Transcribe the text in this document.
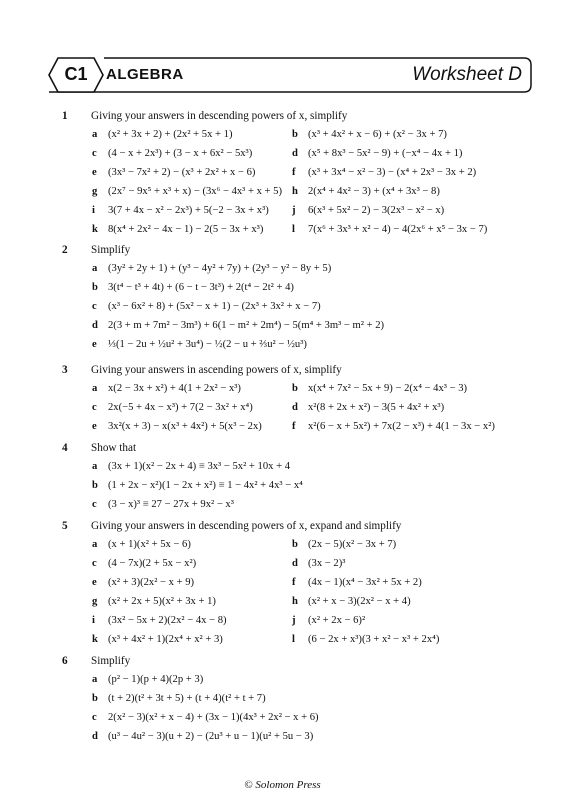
C1	ALGEBRA	Worksheet D
1 Giving your answers in descending powers of x, simplify
a (x² + 3x + 2) + (2x² + 5x + 1)	b (x³ + 4x² + x − 6) + (x² − 3x + 7)
c (4 − x + 2x³) + (3 − x + 6x² − 5x³)	d (x⁵ + 8x³ − 5x² − 9) + (−x⁴ − 4x + 1)
e (3x³ − 7x² + 2) − (x³ + 2x² + x − 6)	f (x³ + 3x⁴ − x² − 3) − (x⁴ + 2x³ − 3x + 2)
g (2x⁷ − 9x⁵ + x³ + x) − (3x⁶ − 4x³ + x + 5) h 2(x⁴ + 4x² − 3) + (x⁴ + 3x³ − 8)
i 3(7 + 4x − x² − 2x³) + 5(−2 − 3x + x³) j 6(x³ + 5x² − 2) − 3(2x³ − x² − x)
k 8(x⁴ + 2x² − 4x − 1) − 2(5 − 3x + x³)	l 7(x⁶ + 3x³ + x² − 4) − 4(2x⁶ + x⁵ − 3x − 7)
2 Simplify
a (3y² + 2y + 1) + (y³ − 4y² + 7y) + (2y³ − y² − 8y + 5)
b 3(t⁴ − t³ + 4t) + (6 − t − 3t³) + 2(t⁴ − 2t² + 4)
c (x³ − 6x² + 8) + (5x² − x + 1) − (2x³ + 3x² + x − 7)
d 2(3 + m + 7m² − 3m³) + 6(1 − m² + 2m⁴) − 5(m⁴ + 3m³ − m² + 2)
e ⅓(1 − 2u + ½u² + 3u⁴) − ½(2 − u + ⅔u² − ½u³)
3 Giving your answers in ascending powers of x, simplify
a x(2 − 3x + x²) + 4(1 + 2x² − x³)	b x(x⁴ + 7x² − 5x + 9) − 2(x⁴ − 4x³ − 3)
c 2x(−5 + 4x − x³) + 7(2 − 3x² + x⁴)	d x²(8 + 2x + x²) − 3(5 + 4x² + x³)
e 3x²(x + 3) − x(x³ + 4x²) + 5(x³ − 2x)	f x²(6 − x + 5x²) + 7x(2 − x³) + 4(1 − 3x − x²)
4 Show that
a (3x + 1)(x² − 2x + 4) ≡ 3x³ − 5x² + 10x + 4
b (1 + 2x − x²)(1 − 2x + x²) ≡ 1 − 4x² + 4x³ − x⁴
c (3 − x)³ ≡ 27 − 27x + 9x² − x³
5 Giving your answers in descending powers of x, expand and simplify
a (x + 1)(x² + 5x − 6)	b (2x − 5)(x² − 3x + 7)
c (4 − 7x)(2 + 5x − x²)	d (3x − 2)³
e (x² + 3)(2x² − x + 9)	f (4x − 1)(x⁴ − 3x² + 5x + 2)
g (x² + 2x + 5)(x² + 3x + 1)	h (x² + x − 3)(2x² − x + 4)
i (3x² − 5x + 2)(2x² − 4x − 8)	j (x² + 2x − 6)²
k (x³ + 4x² + 1)(2x⁴ + x² + 3)	l (6 − 2x + x³)(3 + x² − x³ + 2x⁴)
6 Simplify
a (p² − 1)(p + 4)(2p + 3)
b (t + 2)(t² + 3t + 5) + (t + 4)(t² + t + 7)
c 2(x² − 3)(x² + x − 4) + (3x − 1)(4x³ + 2x² − x + 6)
d (u³ − 4u² − 3)(u + 2) − (2u³ + u − 1)(u² + 5u − 3)
© Solomon Press
